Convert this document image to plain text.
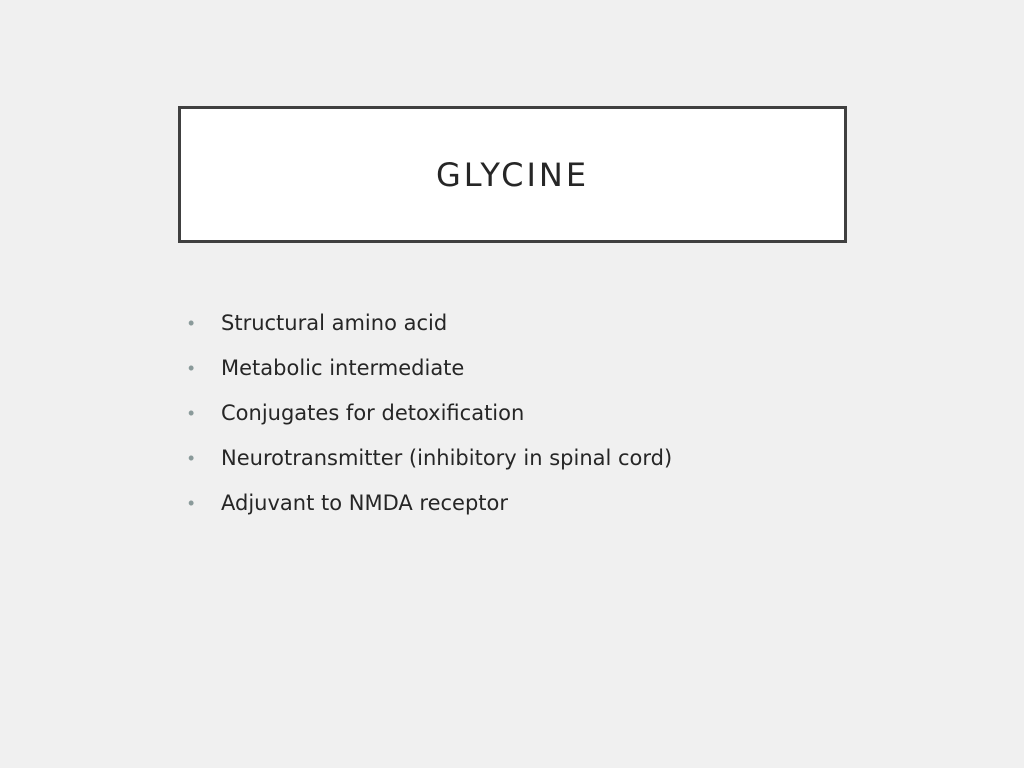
GLYCINE
•	Structural amino acid
•	Metabolic intermediate
•	Conjugates for detoxification
•	Neurotransmitter (inhibitory in spinal cord)
•	Adjuvant to NMDA receptor
